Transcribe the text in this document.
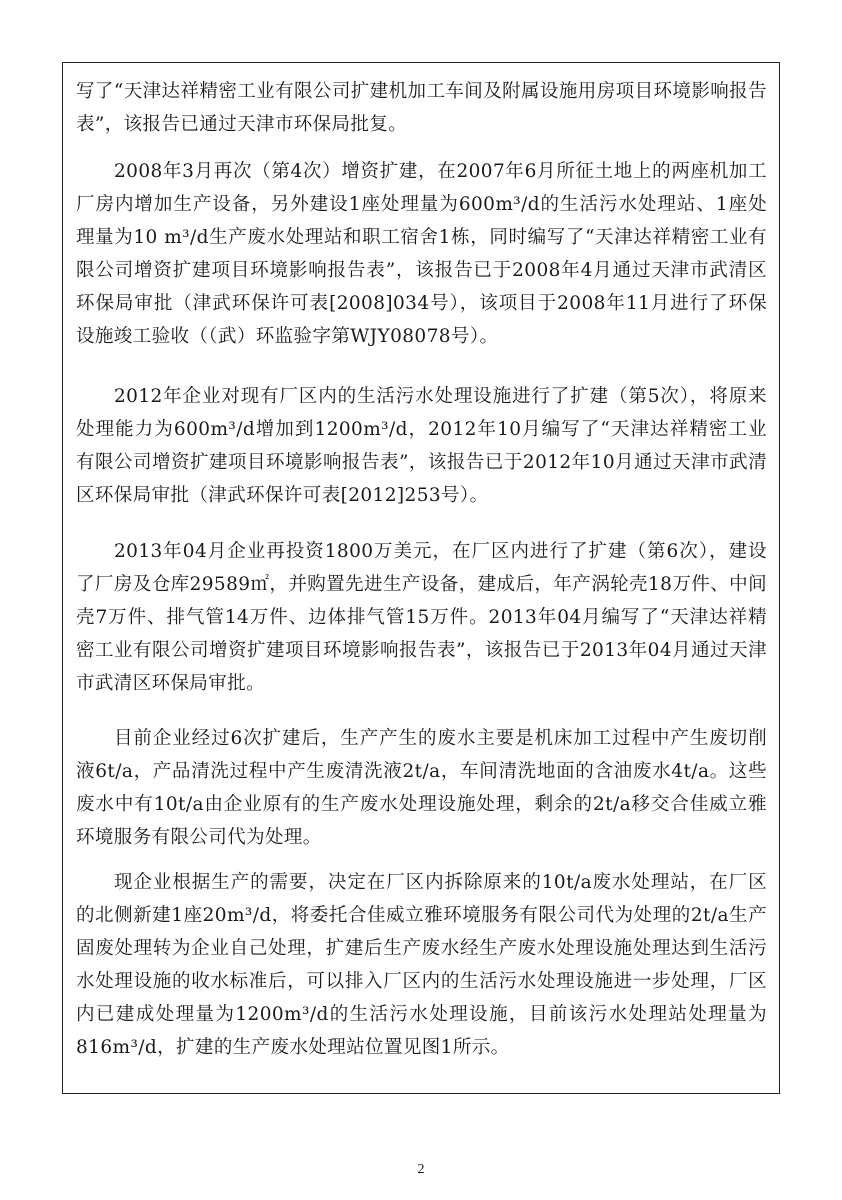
写了“天津达祥精密工业有限公司扩建机加工车间及附属设施用房项目环境影响报告表”，该报告已通过天津市环保局批复。

2008年3月再次（第4次）增资扩建，在2007年6月所征土地上的两座机加工厂房内增加生产设备，另外建设1座处理量为600m³/d的生活污水处理站、1座处理量为10 m³/d生产废水处理站和职工宿舍1栋，同时编写了“天津达祥精密工业有限公司增资扩建项目环境影响报告表”，该报告已于2008年4月通过天津市武清区环保局审批（津武环保许可表[2008]034号），该项目于2008年11月进行了环保设施竣工验收（（武）环监验字第WJY08078号）。

2012年企业对现有厂区内的生活污水处理设施进行了扩建（第5次），将原来处理能力为600m³/d增加到1200m³/d，2012年10月编写了“天津达祥精密工业有限公司增资扩建项目环境影响报告表”，该报告已于2012年10月通过天津市武清区环保局审批（津武环保许可表[2012]253号）。

2013年04月企业再投资1800万美元，在厂区内进行了扩建（第6次），建设了厂房及仓库29589㎡，并购置先进生产设备，建成后，年产涡轮壳18万件、中间壳7万件、排气管14万件、边体排气管15万件。2013年04月编写了“天津达祥精密工业有限公司增资扩建项目环境影响报告表”，该报告已于2013年04月通过天津市武清区环保局审批。

目前企业经过6次扩建后，生产产生的废水主要是机床加工过程中产生废切削液6t/a，产品清洗过程中产生废清洗液2t/a，车间清洗地面的含油废水4t/a。这些废水中有10t/a由企业原有的生产废水处理设施处理，剩余的2t/a移交合佳威立雅环境服务有限公司代为处理。

现企业根据生产的需要，决定在厂区内拆除原来的10t/a废水处理站，在厂区的北侧新建1座20m³/d，将委托合佳威立雅环境服务有限公司代为处理的2t/a生产固废处理转为企业自己处理，扩建后生产废水经生产废水处理设施处理达到生活污水处理设施的收水标准后，可以排入厂区内的生活污水处理设施进一步处理，厂区内已建成处理量为1200m³/d的生活污水处理设施，目前该污水处理站处理量为816m³/d，扩建的生产废水处理站位置见图1所示。

2
